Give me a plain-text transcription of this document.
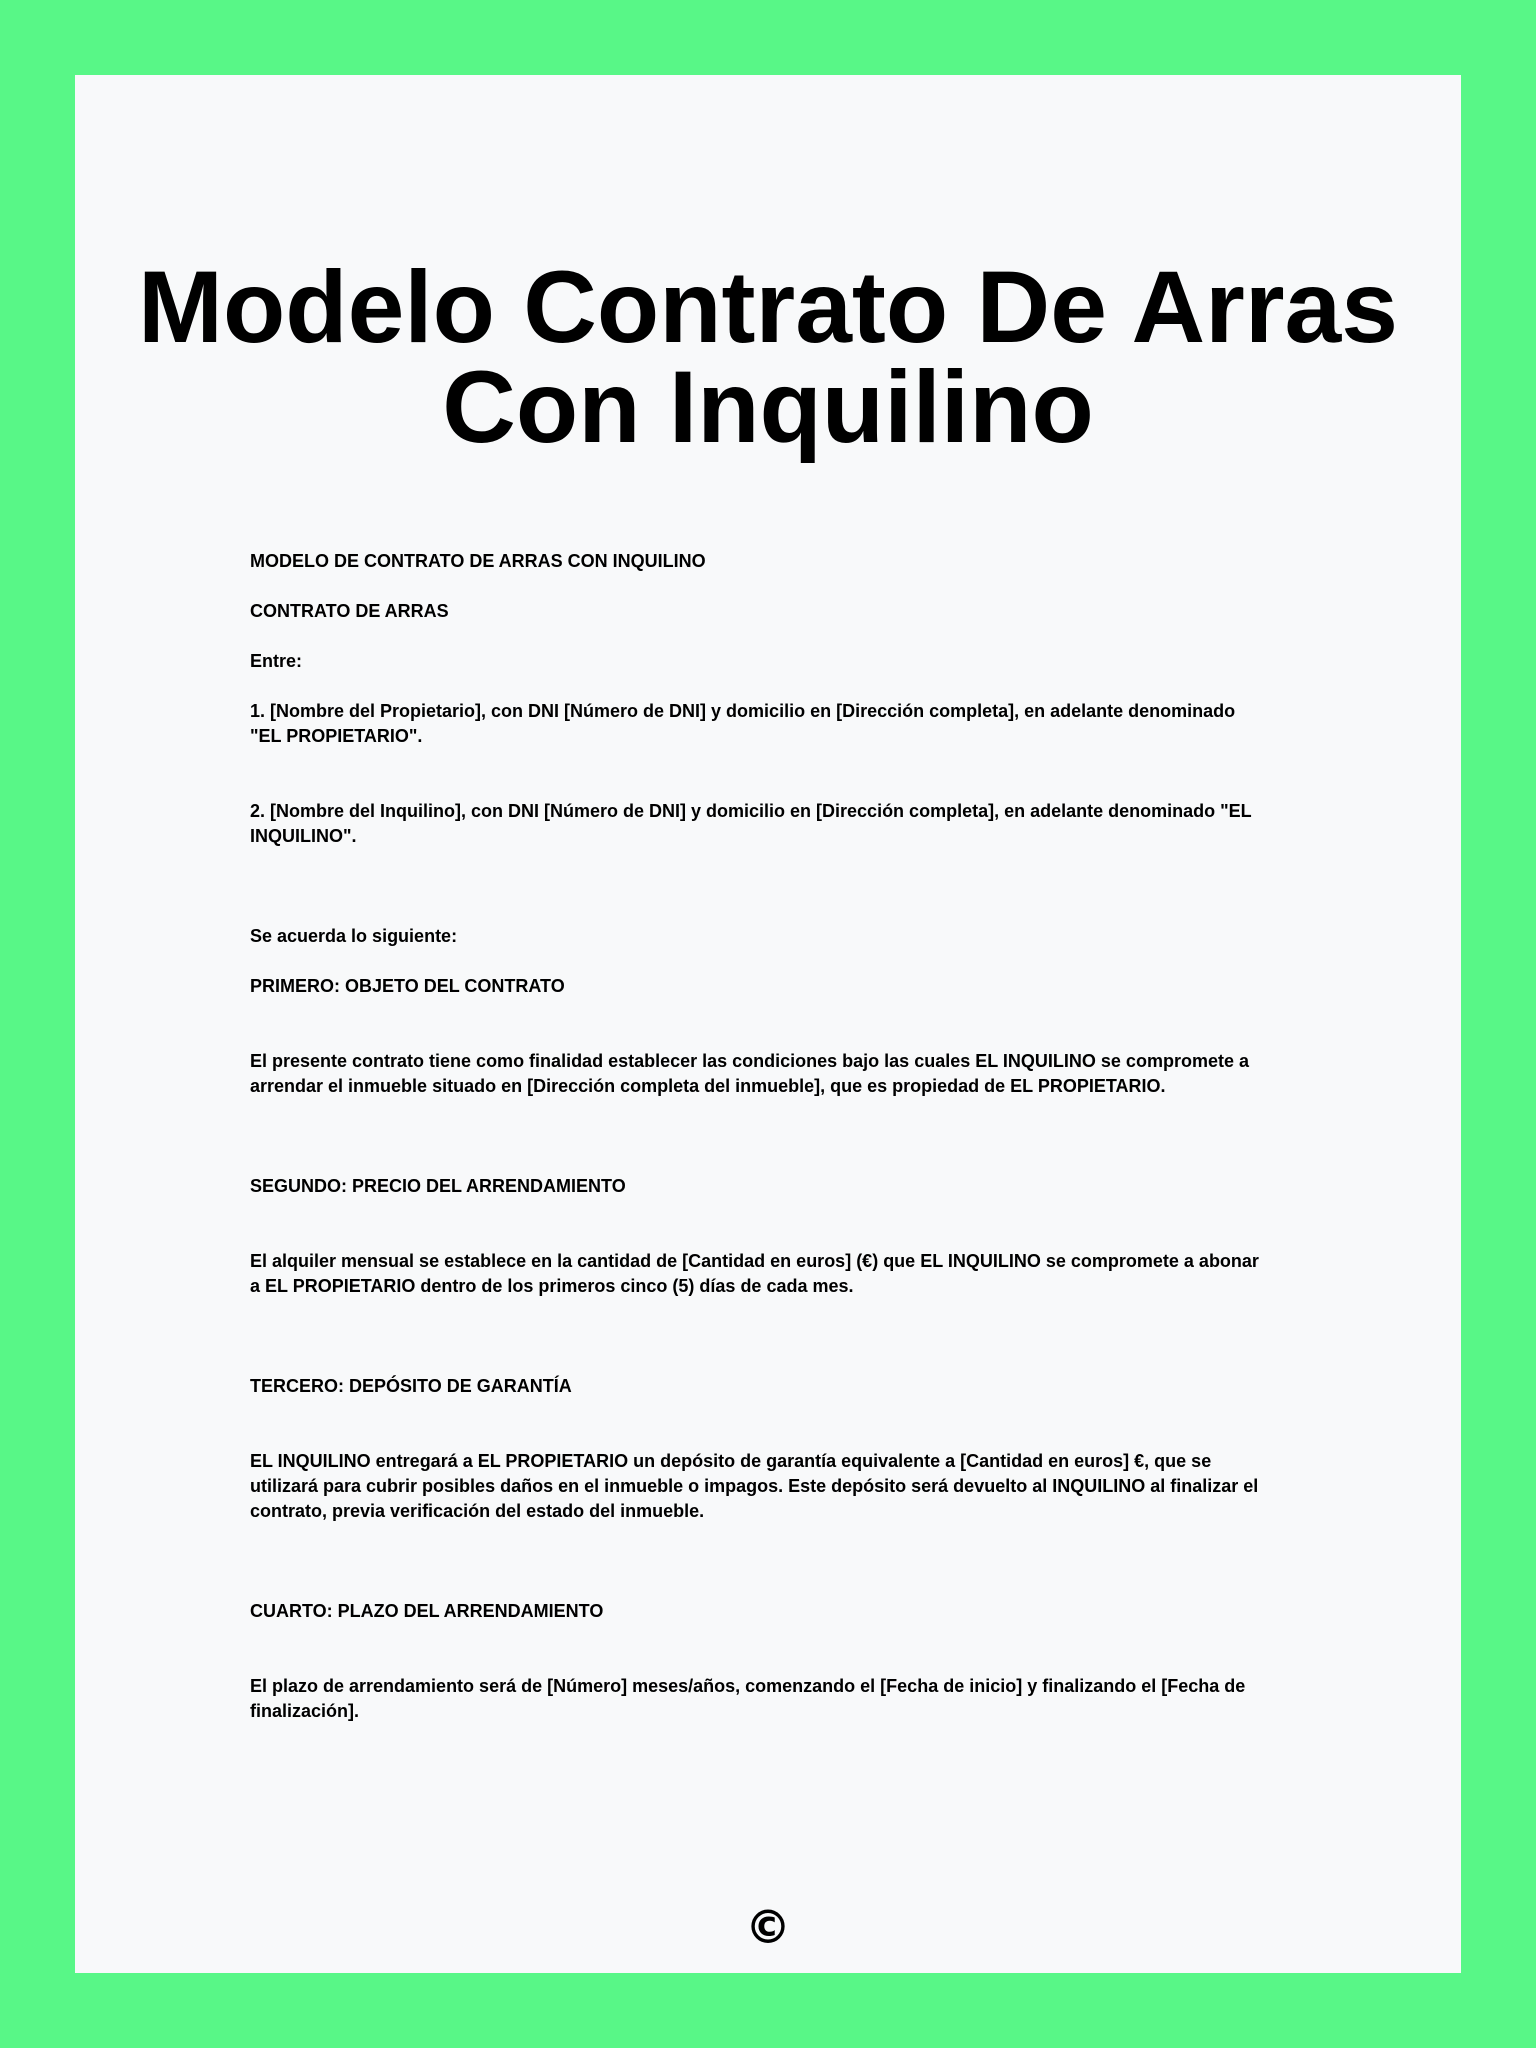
Modelo Contrato De Arras
Con Inquilino

MODELO DE CONTRATO DE ARRAS CON INQUILINO

CONTRATO DE ARRAS

Entre:

1. [Nombre del Propietario], con DNI [Número de DNI] y domicilio en [Dirección completa], en adelante denominado "EL PROPIETARIO".

2. [Nombre del Inquilino], con DNI [Número de DNI] y domicilio en [Dirección completa], en adelante denominado "EL INQUILINO".

Se acuerda lo siguiente:

PRIMERO: OBJETO DEL CONTRATO

El presente contrato tiene como finalidad establecer las condiciones bajo las cuales EL INQUILINO se compromete a arrendar el inmueble situado en [Dirección completa del inmueble], que es propiedad de EL PROPIETARIO.

SEGUNDO: PRECIO DEL ARRENDAMIENTO

El alquiler mensual se establece en la cantidad de [Cantidad en euros] (€) que EL INQUILINO se compromete a abonar a EL PROPIETARIO dentro de los primeros cinco (5) días de cada mes.

TERCERO: DEPÓSITO DE GARANTÍA

EL INQUILINO entregará a EL PROPIETARIO un depósito de garantía equivalente a [Cantidad en euros] €, que se utilizará para cubrir posibles daños en el inmueble o impagos. Este depósito será devuelto al INQUILINO al finalizar el contrato, previa verificación del estado del inmueble.

CUARTO: PLAZO DEL ARRENDAMIENTO

El plazo de arrendamiento será de [Número] meses/años, comenzando el [Fecha de inicio] y finalizando el [Fecha de finalización].

©
